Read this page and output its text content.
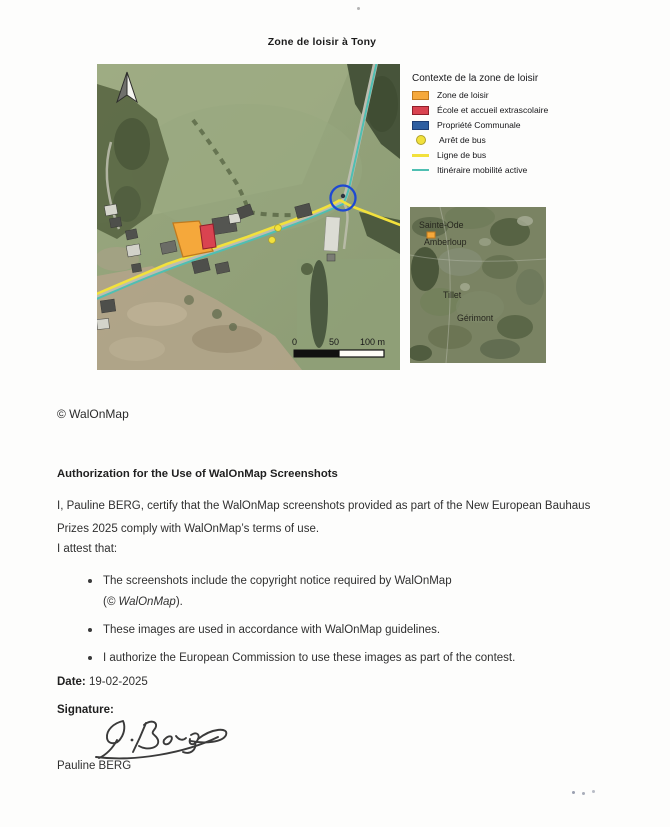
Zone de loisir à Tony
0	50 100 m
Contexte de la zone de loisir
Zone de loisir
École et accueil extrascolaire
Propriété Communale
Arrêt de bus
Ligne de bus
Itinéraire mobilité active
Sainte-Ode
Amberloup
Tillet
Gérimont
© WalOnMap
Authorization for the Use of WalOnMap Screenshots
I, Pauline BERG, certify that the WalOnMap screenshots provided as part of the New European Bauhaus Prizes 2025 comply with WalOnMap’s terms of use.
I attest that:
The screenshots include the copyright notice required by WalOnMap
(© WalOnMap).
These images are used in accordance with WalOnMap guidelines.
I authorize the European Commission to use these images as part of the contest.
Date: 19-02-2025
Signature:
Pauline BERG
